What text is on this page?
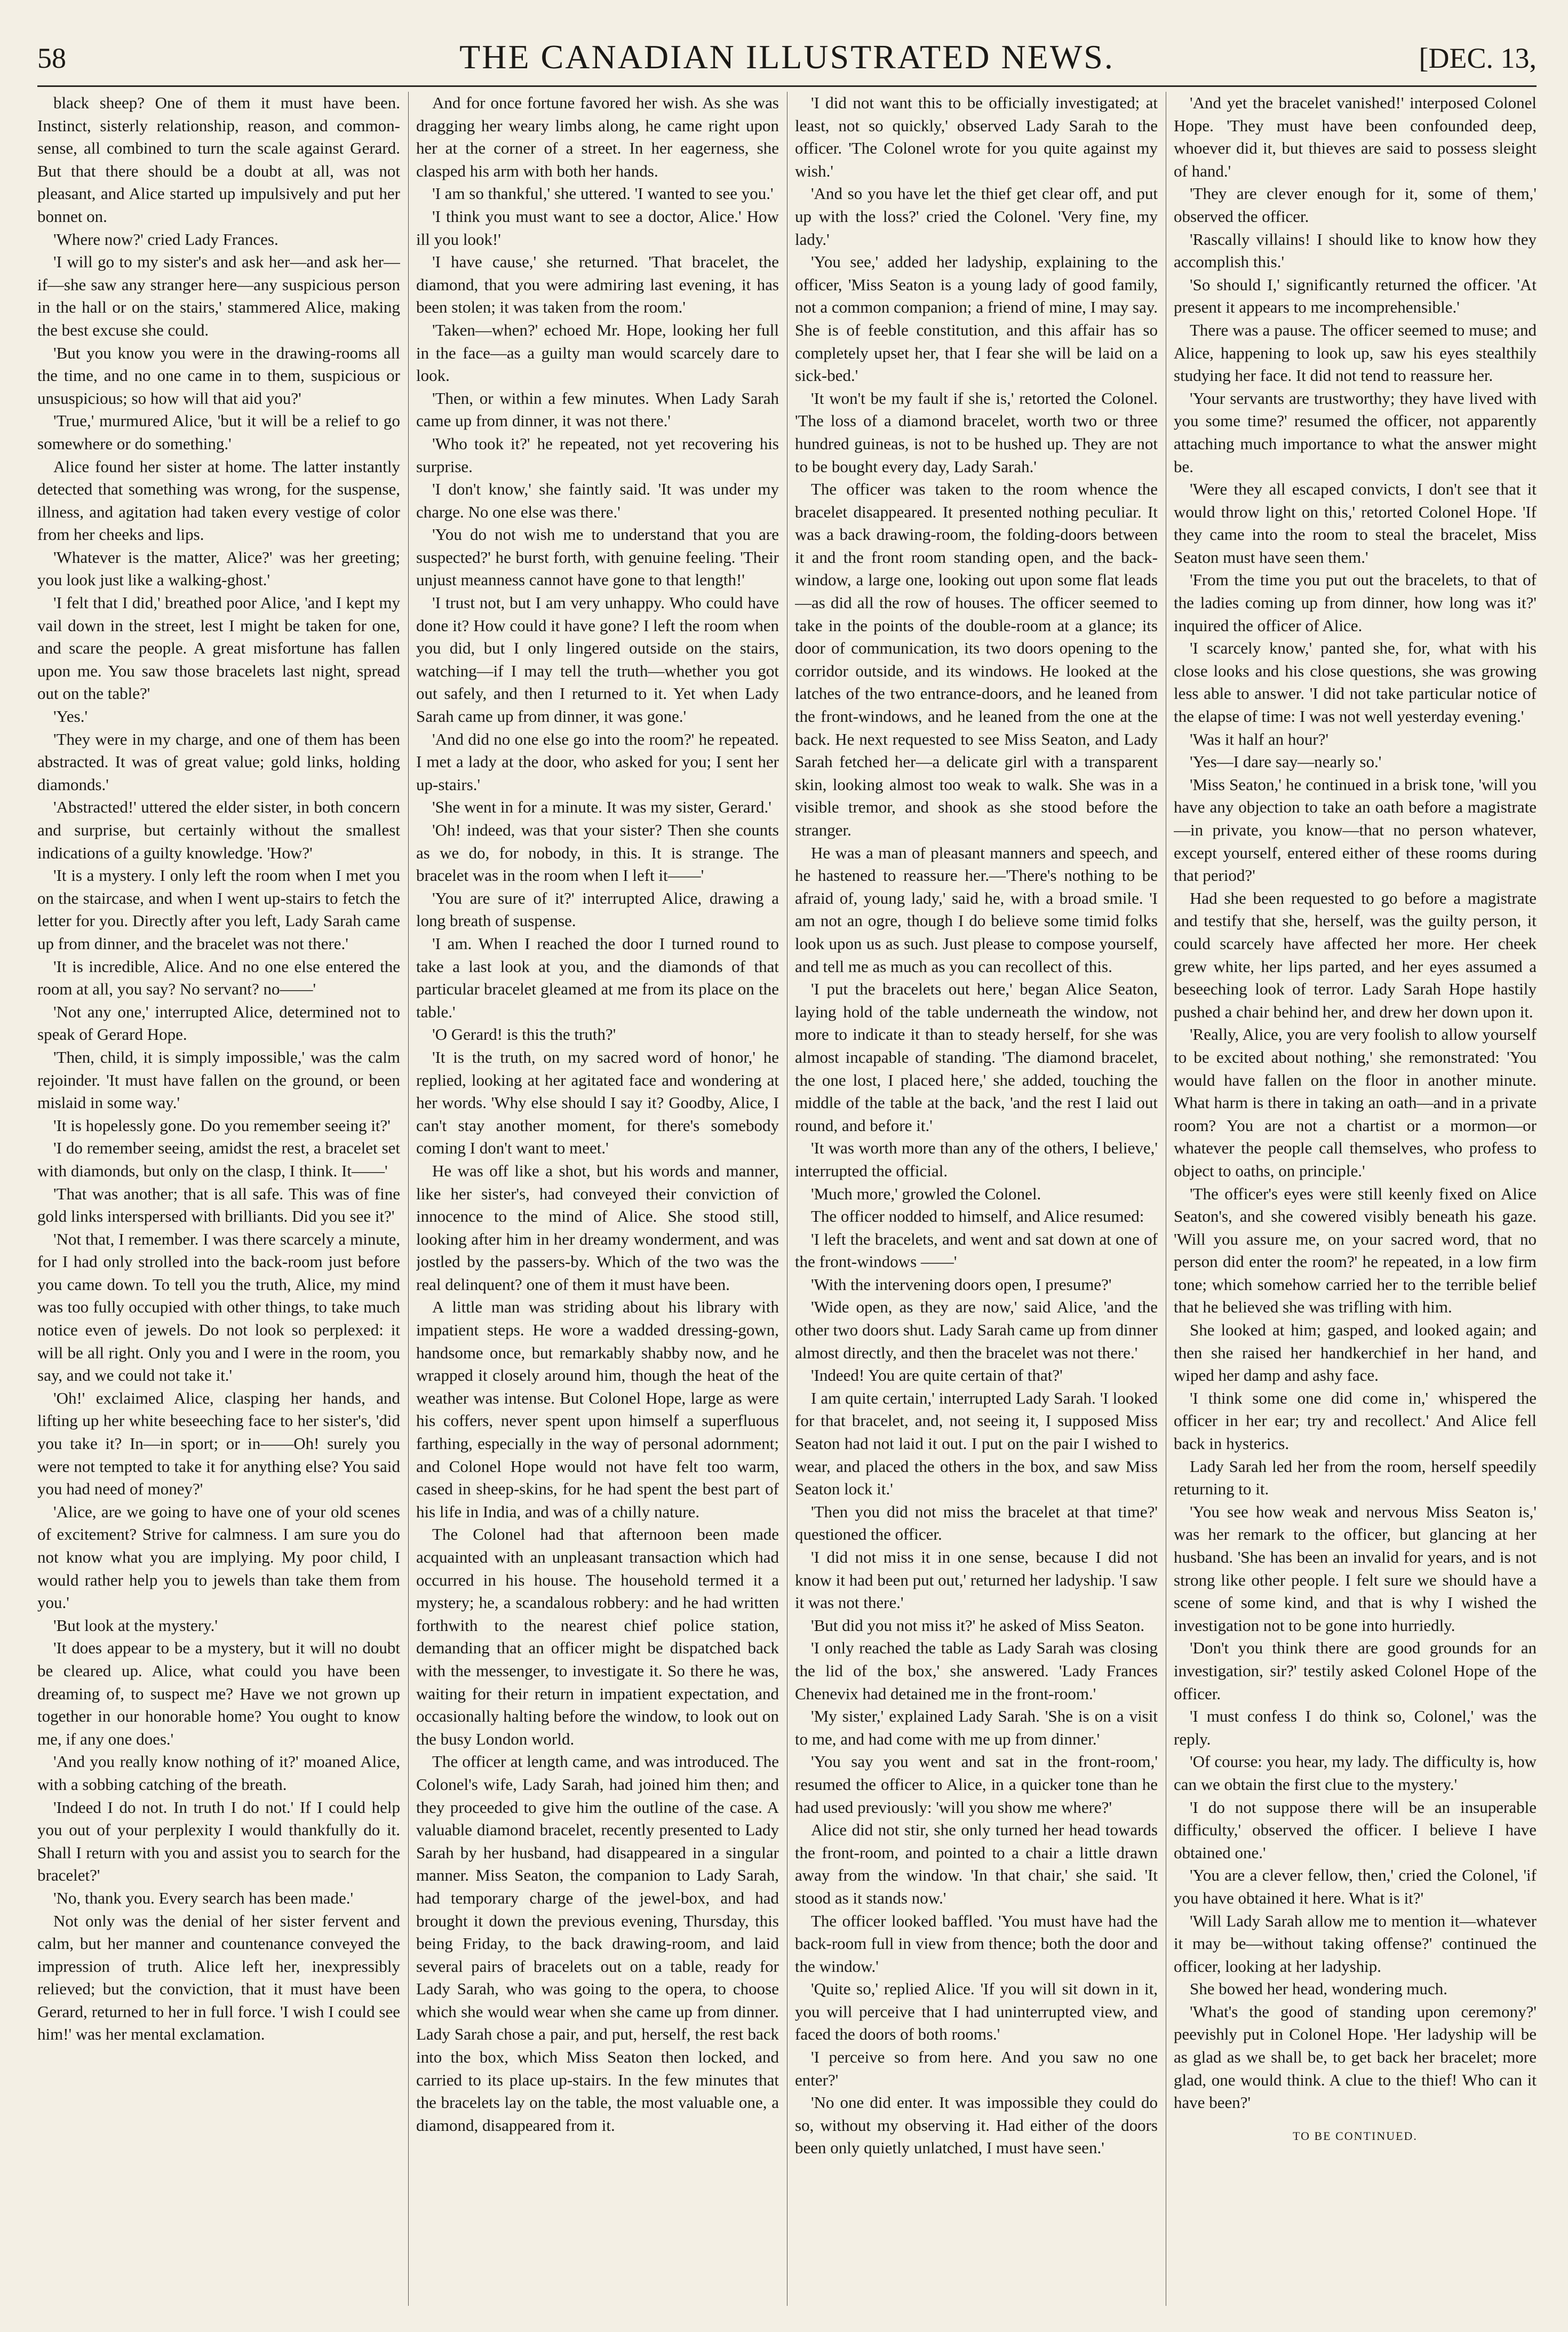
58	THE CANADIAN ILLUSTRATED NEWS.	[DEC. 13,

black sheep? One of them it must have been. Instinct, sisterly relationship, reason, and common-sense, all combined to turn the scale against Gerard. But that there should be a doubt at all, was not pleasant, and Alice started up impulsively and put her bonnet on.

'Where now?' cried Lady Frances.

'I will go to my sister's and ask her—and ask her—if—she saw any stranger here—any suspicious person in the hall or on the stairs,' stammered Alice, making the best excuse she could.

'But you know you were in the drawing-rooms all the time, and no one came in to them, suspicious or unsuspicious; so how will that aid you?'

'True,' murmured Alice, 'but it will be a relief to go somewhere or do something.'

Alice found her sister at home. The latter instantly detected that something was wrong, for the suspense, illness, and agitation had taken every vestige of color from her cheeks and lips.

'Whatever is the matter, Alice?' was her greeting; you look just like a walking-ghost.'

'I felt that I did,' breathed poor Alice, 'and I kept my vail down in the street, lest I might be taken for one, and scare the people. A great misfortune has fallen upon me. You saw those bracelets last night, spread out on the table?'

'Yes.'

'They were in my charge, and one of them has been abstracted. It was of great value; gold links, holding diamonds.'

'Abstracted!' uttered the elder sister, in both concern and surprise, but certainly without the smallest indications of a guilty knowledge. 'How?'

'It is a mystery. I only left the room when I met you on the staircase, and when I went up-stairs to fetch the letter for you. Directly after you left, Lady Sarah came up from dinner, and the bracelet was not there.'

'It is incredible, Alice. And no one else entered the room at all, you say? No servant? no——'

'Not any one,' interrupted Alice, determined not to speak of Gerard Hope.

'Then, child, it is simply impossible,' was the calm rejoinder. 'It must have fallen on the ground, or been mislaid in some way.'

'It is hopelessly gone. Do you remember seeing it?'

'I do remember seeing, amidst the rest, a bracelet set with diamonds, but only on the clasp, I think. It——'

'That was another; that is all safe. This was of fine gold links interspersed with brilliants. Did you see it?'

'Not that, I remember. I was there scarcely a minute, for I had only strolled into the back-room just before you came down. To tell you the truth, Alice, my mind was too fully occupied with other things, to take much notice even of jewels. Do not look so perplexed: it will be all right. Only you and I were in the room, you say, and we could not take it.'

'Oh!' exclaimed Alice, clasping her hands, and lifting up her white beseeching face to her sister's, 'did you take it? In—in sport; or in——Oh! surely you were not tempted to take it for anything else? You said you had need of money?'

'Alice, are we going to have one of your old scenes of excitement? Strive for calmness. I am sure you do not know what you are implying. My poor child, I would rather help you to jewels than take them from you.'

'But look at the mystery.'

'It does appear to be a mystery, but it will no doubt be cleared up. Alice, what could you have been dreaming of, to suspect me? Have we not grown up together in our honorable home? You ought to know me, if any one does.'

'And you really know nothing of it?' moaned Alice, with a sobbing catching of the breath.

'Indeed I do not. In truth I do not.' If I could help you out of your perplexity I would thankfully do it. Shall I return with you and assist you to search for the bracelet?'

'No, thank you. Every search has been made.'

Not only was the denial of her sister fervent and calm, but her manner and countenance conveyed the impression of truth. Alice left her, inexpressibly relieved; but the conviction, that it must have been Gerard, returned to her in full force. 'I wish I could see him!' was her mental exclamation.

And for once fortune favored her wish. As she was dragging her weary limbs along, he came right upon her at the corner of a street. In her eagerness, she clasped his arm with both her hands.

'I am so thankful,' she uttered. 'I wanted to see you.'

'I think you must want to see a doctor, Alice.' How ill you look!'

'I have cause,' she returned. 'That bracelet, the diamond, that you were admiring last evening, it has been stolen; it was taken from the room.'

'Taken—when?' echoed Mr. Hope, looking her full in the face—as a guilty man would scarcely dare to look.

'Then, or within a few minutes. When Lady Sarah came up from dinner, it was not there.'

'Who took it?' he repeated, not yet recovering his surprise.

'I don't know,' she faintly said. 'It was under my charge. No one else was there.'

'You do not wish me to understand that you are suspected?' he burst forth, with genuine feeling. 'Their unjust meanness cannot have gone to that length!'

'I trust not, but I am very unhappy. Who could have done it? How could it have gone? I left the room when you did, but I only lingered outside on the stairs, watching—if I may tell the truth—whether you got out safely, and then I returned to it. Yet when Lady Sarah came up from dinner, it was gone.'

'And did no one else go into the room?' he repeated. I met a lady at the door, who asked for you; I sent her up-stairs.'

'She went in for a minute. It was my sister, Gerard.'

'Oh! indeed, was that your sister? Then she counts as we do, for nobody, in this. It is strange. The bracelet was in the room when I left it——'

'You are sure of it?' interrupted Alice, drawing a long breath of suspense.

'I am. When I reached the door I turned round to take a last look at you, and the diamonds of that particular bracelet gleamed at me from its place on the table.'

'O Gerard! is this the truth?'

'It is the truth, on my sacred word of honor,' he replied, looking at her agitated face and wondering at her words. 'Why else should I say it? Goodby, Alice, I can't stay another moment, for there's somebody coming I don't want to meet.'

He was off like a shot, but his words and manner, like her sister's, had conveyed their conviction of innocence to the mind of Alice. She stood still, looking after him in her dreamy wonderment, and was jostled by the passers-by. Which of the two was the real delinquent? one of them it must have been.

A little man was striding about his library with impatient steps. He wore a wadded dressing-gown, handsome once, but remarkably shabby now, and he wrapped it closely around him, though the heat of the weather was intense. But Colonel Hope, large as were his coffers, never spent upon himself a superfluous farthing, especially in the way of personal adornment; and Colonel Hope would not have felt too warm, cased in sheep-skins, for he had spent the best part of his life in India, and was of a chilly nature.

The Colonel had that afternoon been made acquainted with an unpleasant transaction which had occurred in his house. The household termed it a mystery; he, a scandalous robbery: and he had written forthwith to the nearest chief police station, demanding that an officer might be dispatched back with the messenger, to investigate it. So there he was, waiting for their return in impatient expectation, and occasionally halting before the window, to look out on the busy London world.

The officer at length came, and was introduced. The Colonel's wife, Lady Sarah, had joined him then; and they proceeded to give him the outline of the case. A valuable diamond bracelet, recently presented to Lady Sarah by her husband, had disappeared in a singular manner. Miss Seaton, the companion to Lady Sarah, had temporary charge of the jewel-box, and had brought it down the previous evening, Thursday, this being Friday, to the back drawing-room, and laid several pairs of bracelets out on a table, ready for Lady Sarah, who was going to the opera, to choose which she would wear when she came up from dinner. Lady Sarah chose a pair, and put, herself, the rest back into the box, which Miss Seaton then locked, and carried to its place up-stairs. In the few minutes that the bracelets lay on the table, the most valuable one, a diamond, disappeared from it.

'I did not want this to be officially investigated; at least, not so quickly,' observed Lady Sarah to the officer. 'The Colonel wrote for you quite against my wish.'

'And so you have let the thief get clear off, and put up with the loss?' cried the Colonel. 'Very fine, my lady.'

'You see,' added her ladyship, explaining to the officer, 'Miss Seaton is a young lady of good family, not a common companion; a friend of mine, I may say. She is of feeble constitution, and this affair has so completely upset her, that I fear she will be laid on a sick-bed.'

'It won't be my fault if she is,' retorted the Colonel. 'The loss of a diamond bracelet, worth two or three hundred guineas, is not to be hushed up. They are not to be bought every day, Lady Sarah.'

The officer was taken to the room whence the bracelet disappeared. It presented nothing peculiar. It was a back drawing-room, the folding-doors between it and the front room standing open, and the back-window, a large one, looking out upon some flat leads—as did all the row of houses. The officer seemed to take in the points of the double-room at a glance; its door of communication, its two doors opening to the corridor outside, and its windows. He looked at the latches of the two entrance-doors, and he leaned from the front-windows, and he leaned from the one at the back. He next requested to see Miss Seaton, and Lady Sarah fetched her—a delicate girl with a transparent skin, looking almost too weak to walk. She was in a visible tremor, and shook as she stood before the stranger.

He was a man of pleasant manners and speech, and he hastened to reassure her.—'There's nothing to be afraid of, young lady,' said he, with a broad smile. 'I am not an ogre, though I do believe some timid folks look upon us as such. Just please to compose yourself, and tell me as much as you can recollect of this.

'I put the bracelets out here,' began Alice Seaton, laying hold of the table underneath the window, not more to indicate it than to steady herself, for she was almost incapable of standing. 'The diamond bracelet, the one lost, I placed here,' she added, touching the middle of the table at the back, 'and the rest I laid out round, and before it.'

'It was worth more than any of the others, I believe,' interrupted the official.

'Much more,' growled the Colonel.

The officer nodded to himself, and Alice resumed:

'I left the bracelets, and went and sat down at one of the front-windows ——'

'With the intervening doors open, I presume?'

'Wide open, as they are now,' said Alice, 'and the other two doors shut. Lady Sarah came up from dinner almost directly, and then the bracelet was not there.'

'Indeed! You are quite certain of that?'

I am quite certain,' interrupted Lady Sarah. 'I looked for that bracelet, and, not seeing it, I supposed Miss Seaton had not laid it out. I put on the pair I wished to wear, and placed the others in the box, and saw Miss Seaton lock it.'

'Then you did not miss the bracelet at that time?' questioned the officer.

'I did not miss it in one sense, because I did not know it had been put out,' returned her ladyship. 'I saw it was not there.'

'But did you not miss it?' he asked of Miss Seaton.

'I only reached the table as Lady Sarah was closing the lid of the box,' she answered. 'Lady Frances Chenevix had detained me in the front-room.'

'My sister,' explained Lady Sarah. 'She is on a visit to me, and had come with me up from dinner.'

'You say you went and sat in the front-room,' resumed the officer to Alice, in a quicker tone than he had used previously: 'will you show me where?'

Alice did not stir, she only turned her head towards the front-room, and pointed to a chair a little drawn away from the window. 'In that chair,' she said. 'It stood as it stands now.'

The officer looked baffled. 'You must have had the back-room full in view from thence; both the door and the window.'

'Quite so,' replied Alice. 'If you will sit down in it, you will perceive that I had uninterrupted view, and faced the doors of both rooms.'

'I perceive so from here. And you saw no one enter?'

'No one did enter. It was impossible they could do so, without my observing it. Had either of the doors been only quietly unlatched, I must have seen.'

'And yet the bracelet vanished!' interposed Colonel Hope. 'They must have been confounded deep, whoever did it, but thieves are said to possess sleight of hand.'

'They are clever enough for it, some of them,' observed the officer.

'Rascally villains! I should like to know how they accomplish this.'

'So should I,' significantly returned the officer. 'At present it appears to me incomprehensible.'

There was a pause. The officer seemed to muse; and Alice, happening to look up, saw his eyes stealthily studying her face. It did not tend to reassure her.

'Your servants are trustworthy; they have lived with you some time?' resumed the officer, not apparently attaching much importance to what the answer might be.

'Were they all escaped convicts, I don't see that it would throw light on this,' retorted Colonel Hope. 'If they came into the room to steal the bracelet, Miss Seaton must have seen them.'

'From the time you put out the bracelets, to that of the ladies coming up from dinner, how long was it?' inquired the officer of Alice.

'I scarcely know,' panted she, for, what with his close looks and his close questions, she was growing less able to answer. 'I did not take particular notice of the elapse of time: I was not well yesterday evening.'

'Was it half an hour?'

'Yes—I dare say—nearly so.'

'Miss Seaton,' he continued in a brisk tone, 'will you have any objection to take an oath before a magistrate—in private, you know—that no person whatever, except yourself, entered either of these rooms during that period?'

Had she been requested to go before a magistrate and testify that she, herself, was the guilty person, it could scarcely have affected her more. Her cheek grew white, her lips parted, and her eyes assumed a beseeching look of terror. Lady Sarah Hope hastily pushed a chair behind her, and drew her down upon it.

'Really, Alice, you are very foolish to allow yourself to be excited about nothing,' she remonstrated: 'You would have fallen on the floor in another minute. What harm is there in taking an oath—and in a private room? You are not a chartist or a mormon—or whatever the people call themselves, who profess to object to oaths, on principle.'

'The officer's eyes were still keenly fixed on Alice Seaton's, and she cowered visibly beneath his gaze. 'Will you assure me, on your sacred word, that no person did enter the room?' he repeated, in a low firm tone; which somehow carried her to the terrible belief that he believed she was trifling with him.

She looked at him; gasped, and looked again; and then she raised her handkerchief in her hand, and wiped her damp and ashy face.

'I think some one did come in,' whispered the officer in her ear; try and recollect.' And Alice fell back in hysterics.

Lady Sarah led her from the room, herself speedily returning to it.

'You see how weak and nervous Miss Seaton is,' was her remark to the officer, but glancing at her husband. 'She has been an invalid for years, and is not strong like other people. I felt sure we should have a scene of some kind, and that is why I wished the investigation not to be gone into hurriedly.

'Don't you think there are good grounds for an investigation, sir?' testily asked Colonel Hope of the officer.

'I must confess I do think so, Colonel,' was the reply.

'Of course: you hear, my lady. The difficulty is, how can we obtain the first clue to the mystery.'

'I do not suppose there will be an insuperable difficulty,' observed the officer. I believe I have obtained one.'

'You are a clever fellow, then,' cried the Colonel, 'if you have obtained it here. What is it?'

'Will Lady Sarah allow me to mention it—whatever it may be—without taking offense?' continued the officer, looking at her ladyship.

She bowed her head, wondering much.

'What's the good of standing upon ceremony?' peevishly put in Colonel Hope. 'Her ladyship will be as glad as we shall be, to get back her bracelet; more glad, one would think. A clue to the thief! Who can it have been?'

TO BE CONTINUED.
